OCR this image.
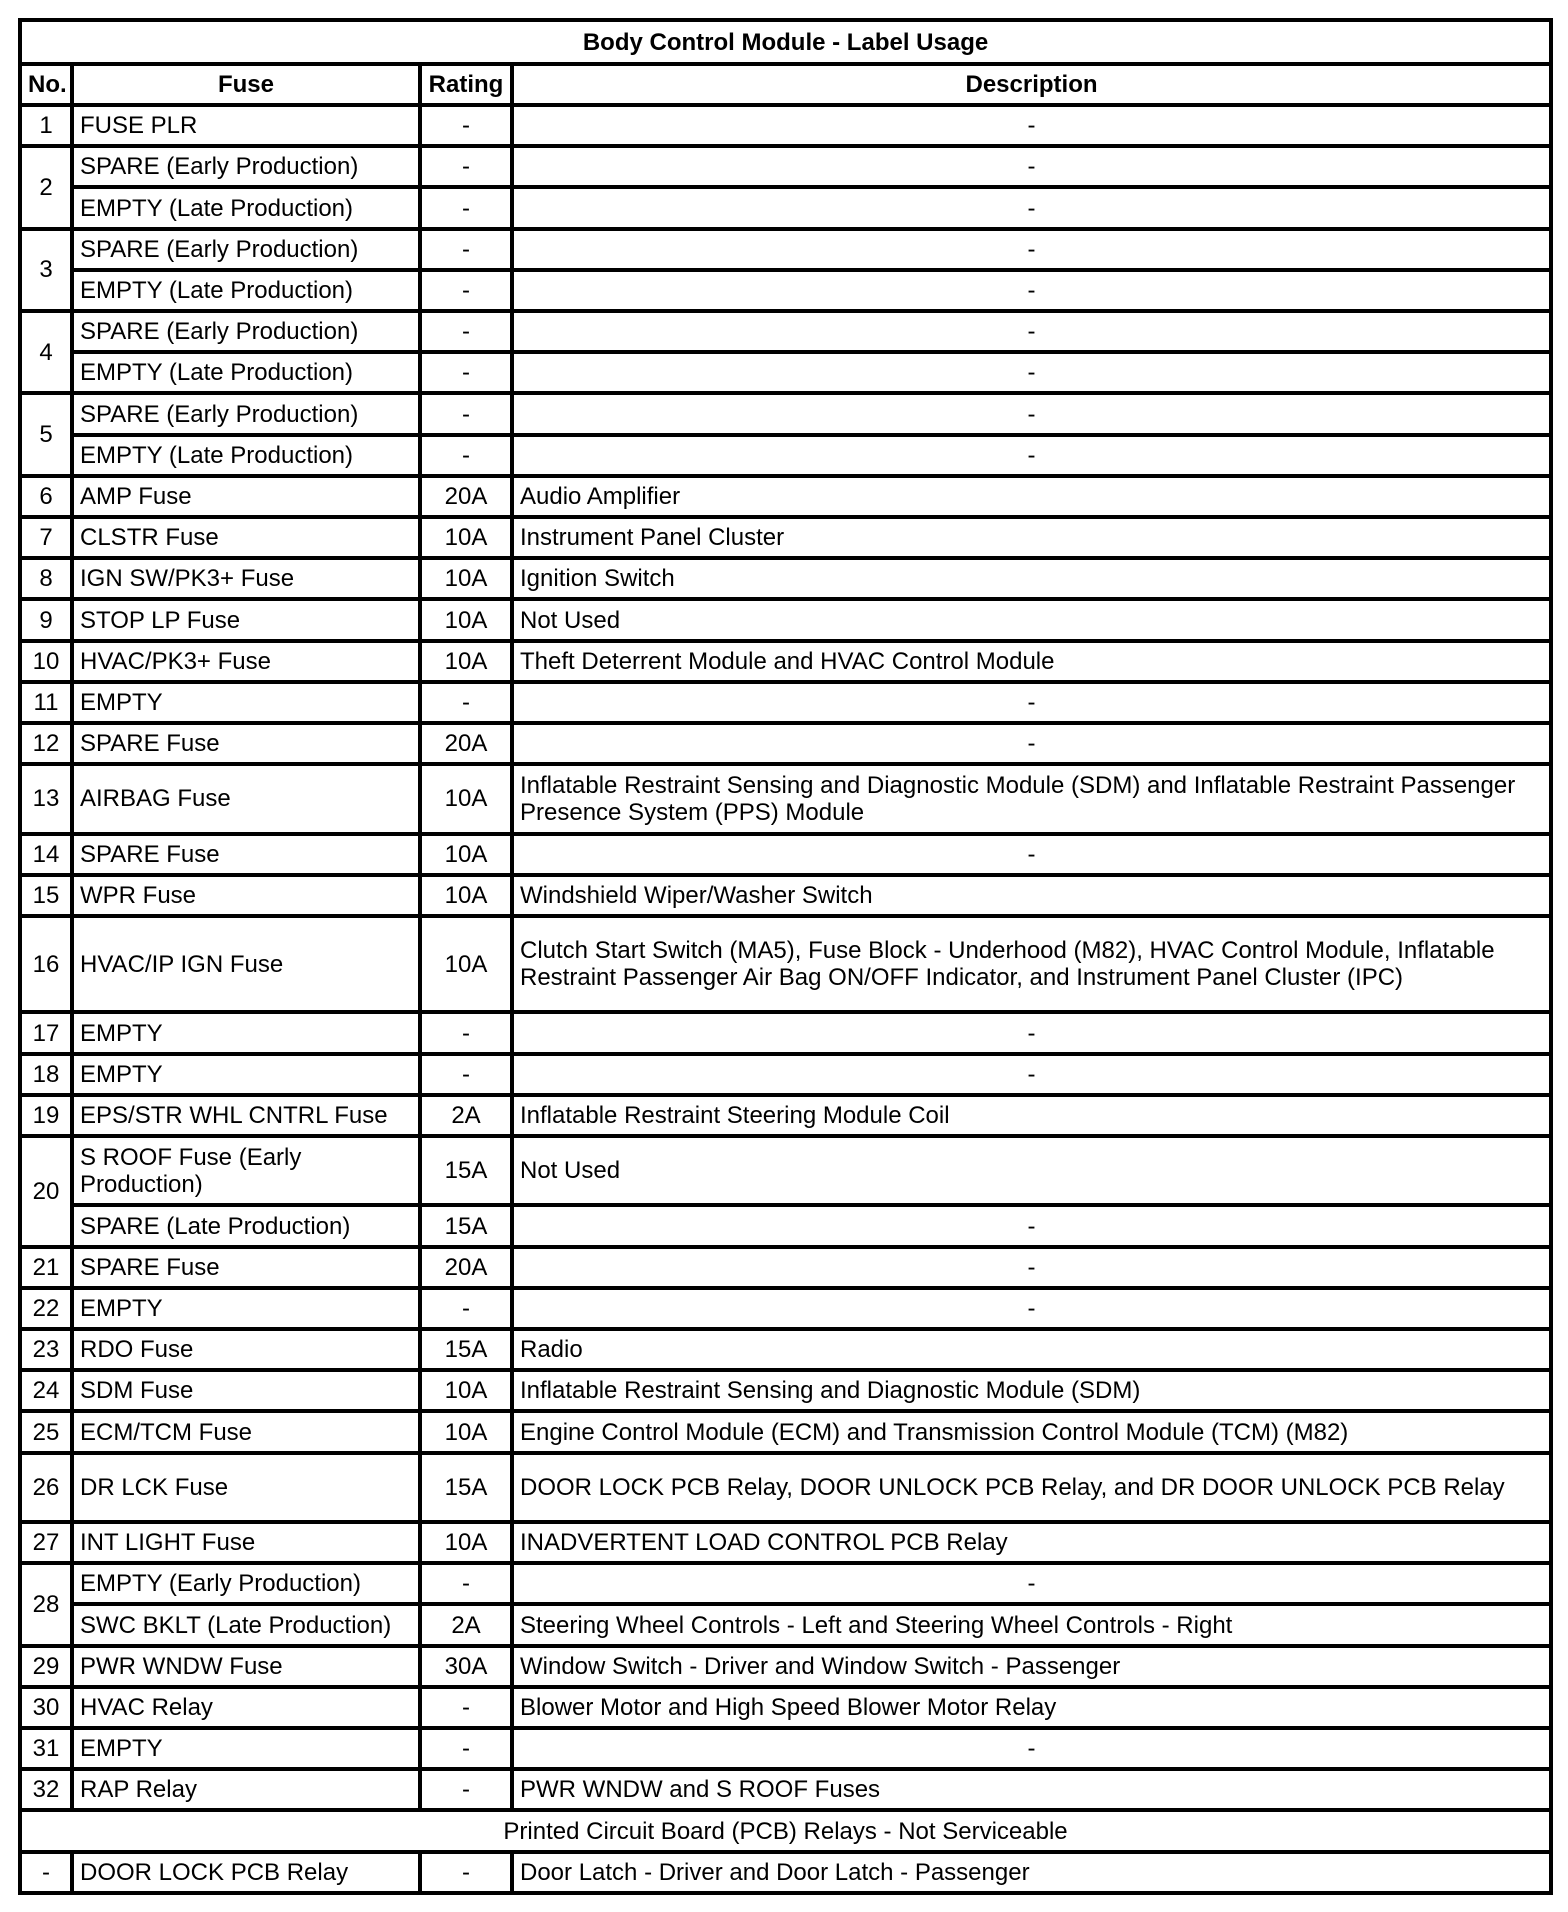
Body Control Module - Label Usage			
No.	Fuse	Rating	Description
1	FUSE PLR	-	-
2	SPARE (Early Production)	-	-
	EMPTY (Late Production)	-	-
3	SPARE (Early Production)	-	-
	EMPTY (Late Production)	-	-
4	SPARE (Early Production)	-	-
	EMPTY (Late Production)	-	-
5	SPARE (Early Production)	-	-
	EMPTY (Late Production)	-	-
6	AMP Fuse	20A	Audio Amplifier
7	CLSTR Fuse	10A	Instrument Panel Cluster
8	IGN SW/PK3+ Fuse	10A	Ignition Switch
9	STOP LP Fuse	10A	Not Used
10	HVAC/PK3+ Fuse	10A	Theft Deterrent Module and HVAC Control Module
11	EMPTY	-	-
12	SPARE Fuse	20A	-
13	AIRBAG Fuse	10A	Inflatable Restraint Sensing and Diagnostic Module (SDM) and Inflatable Restraint Passenger Presence System (PPS) Module
14	SPARE Fuse	10A	-
15	WPR Fuse	10A	Windshield Wiper/Washer Switch
16	HVAC/IP IGN Fuse	10A	Clutch Start Switch (MA5), Fuse Block - Underhood (M82), HVAC Control Module, Inflatable Restraint Passenger Air Bag ON/OFF Indicator, and Instrument Panel Cluster (IPC)
17	EMPTY	-	-
18	EMPTY	-	-
19	EPS/STR WHL CNTRL Fuse	2A	Inflatable Restraint Steering Module Coil
20	S ROOF Fuse (Early Production)	15A	Not Used
	SPARE (Late Production)	15A	-
21	SPARE Fuse	20A	-
22	EMPTY	-	-
23	RDO Fuse	15A	Radio
24	SDM Fuse	10A	Inflatable Restraint Sensing and Diagnostic Module (SDM)
25	ECM/TCM Fuse	10A	Engine Control Module (ECM) and Transmission Control Module (TCM) (M82)
26	DR LCK Fuse	15A	DOOR LOCK PCB Relay, DOOR UNLOCK PCB Relay, and DR DOOR UNLOCK PCB Relay
27	INT LIGHT Fuse	10A	INADVERTENT LOAD CONTROL PCB Relay
28	EMPTY (Early Production)	-	-
	SWC BKLT (Late Production)	2A	Steering Wheel Controls - Left and Steering Wheel Controls - Right
29	PWR WNDW Fuse	30A	Window Switch - Driver and Window Switch - Passenger
30	HVAC Relay	-	Blower Motor and High Speed Blower Motor Relay
31	EMPTY	-	-
32	RAP Relay	-	PWR WNDW and S ROOF Fuses
Printed Circuit Board (PCB) Relays - Not Serviceable			
-	DOOR LOCK PCB Relay	-	Door Latch - Driver and Door Latch - Passenger
